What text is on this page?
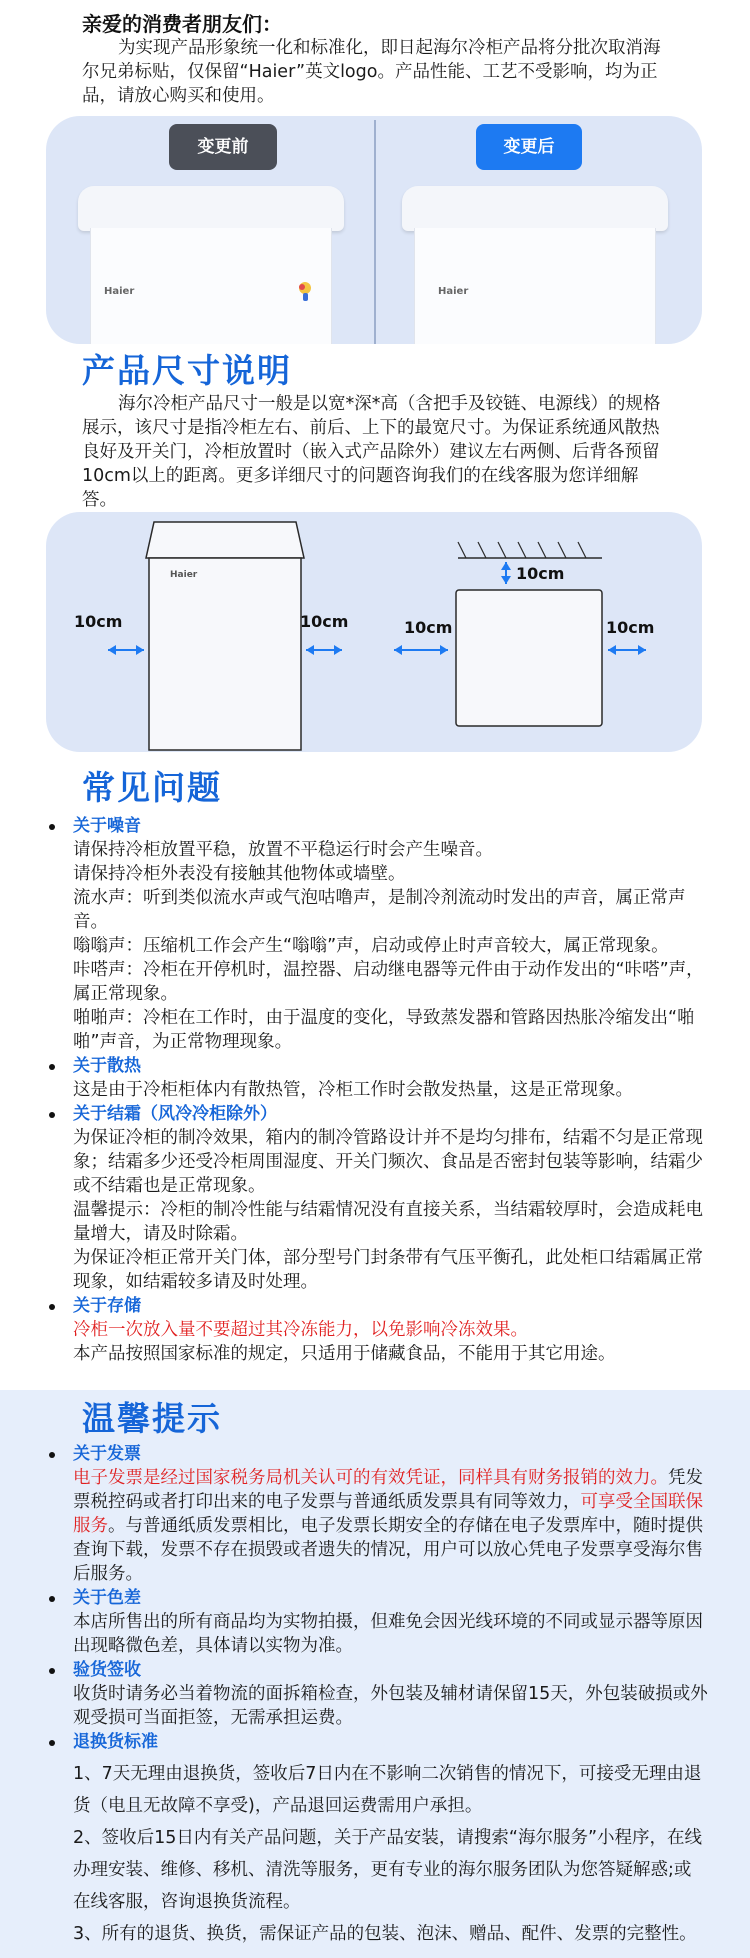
亲爱的消费者朋友们：
为实现产品形象统一化和标准化，即日起海尔冷柜产品将分批次取消海尔兄弟标贴，仅保留“Haier”英文logo。产品性能、工艺不受影响，均为正品，请放心购买和使用。
Haier
变更前
Haier
变更后
产品尺寸说明
海尔冷柜产品尺寸一般是以宽*深*高（含把手及铰链、电源线）的规格展示，该尺寸是指冷柜左右、前后、上下的最宽尺寸。为保证系统通风散热良好及开关门，冷柜放置时（嵌入式产品除外）建议左右两侧、后背各预留10cm以上的距离。更多详细尺寸的问题咨询我们的在线客服为您详细解答。
Haier
10cm	10cm
10cm
10cm	10cm
常见问题
关于噪音
请保持冷柜放置平稳，放置不平稳运行时会产生噪音。
请保持冷柜外表没有接触其他物体或墙壁。
流水声：听到类似流水声或气泡咕噜声，是制冷剂流动时发出的声音，属正常声音。
嗡嗡声：压缩机工作会产生“嗡嗡”声，启动或停止时声音较大，属正常现象。
咔嗒声：冷柜在开停机时，温控器、启动继电器等元件由于动作发出的“咔嗒”声，属正常现象。
啪啪声：冷柜在工作时，由于温度的变化，导致蒸发器和管路因热胀冷缩发出“啪啪”声音，为正常物理现象。
关于散热
这是由于冷柜柜体内有散热管，冷柜工作时会散发热量，这是正常现象。
关于结霜（风冷冷柜除外）
为保证冷柜的制冷效果，箱内的制冷管路设计并不是均匀排布，结霜不匀是正常现象；结霜多少还受冷柜周围湿度、开关门频次、食品是否密封包装等影响，结霜少或不结霜也是正常现象。
温馨提示：冷柜的制冷性能与结霜情况没有直接关系，当结霜较厚时，会造成耗电量增大，请及时除霜。
为保证冷柜正常开关门体，部分型号门封条带有气压平衡孔，此处柜口结霜属正常现象，如结霜较多请及时处理。
关于存储
冷柜一次放入量不要超过其冷冻能力，以免影响冷冻效果。
本产品按照国家标准的规定，只适用于储藏食品，不能用于其它用途。
温馨提示
关于发票
电子发票是经过国家税务局机关认可的有效凭证，同样具有财务报销的效力。凭发票税控码或者打印出来的电子发票与普通纸质发票具有同等效力，可享受全国联保服务。与普通纸质发票相比，电子发票长期安全的存储在电子发票库中，随时提供查询下载，发票不存在损毁或者遗失的情况，用户可以放心凭电子发票享受海尔售后服务。
关于色差
本店所售出的所有商品均为实物拍摄，但难免会因光线环境的不同或显示器等原因出现略微色差，具体请以实物为准。
验货签收
收货时请务必当着物流的面拆箱检查，外包装及辅材请保留15天，外包装破损或外观受损可当面拒签，无需承担运费。
退换货标准
1、7天无理由退换货，签收后7日内在不影响二次销售的情况下，可接受无理由退货（电且无故障不享受)，产品退回运费需用户承担。
2、签收后15日内有关产品问题，关于产品安装，请搜索“海尔服务”小程序，在线办理安装、维修、移机、清洗等服务，更有专业的海尔服务团队为您答疑解惑;或在线客服，咨询退换货流程。
3、所有的退货、换货，需保证产品的包装、泡沫、赠品、配件、发票的完整性。
